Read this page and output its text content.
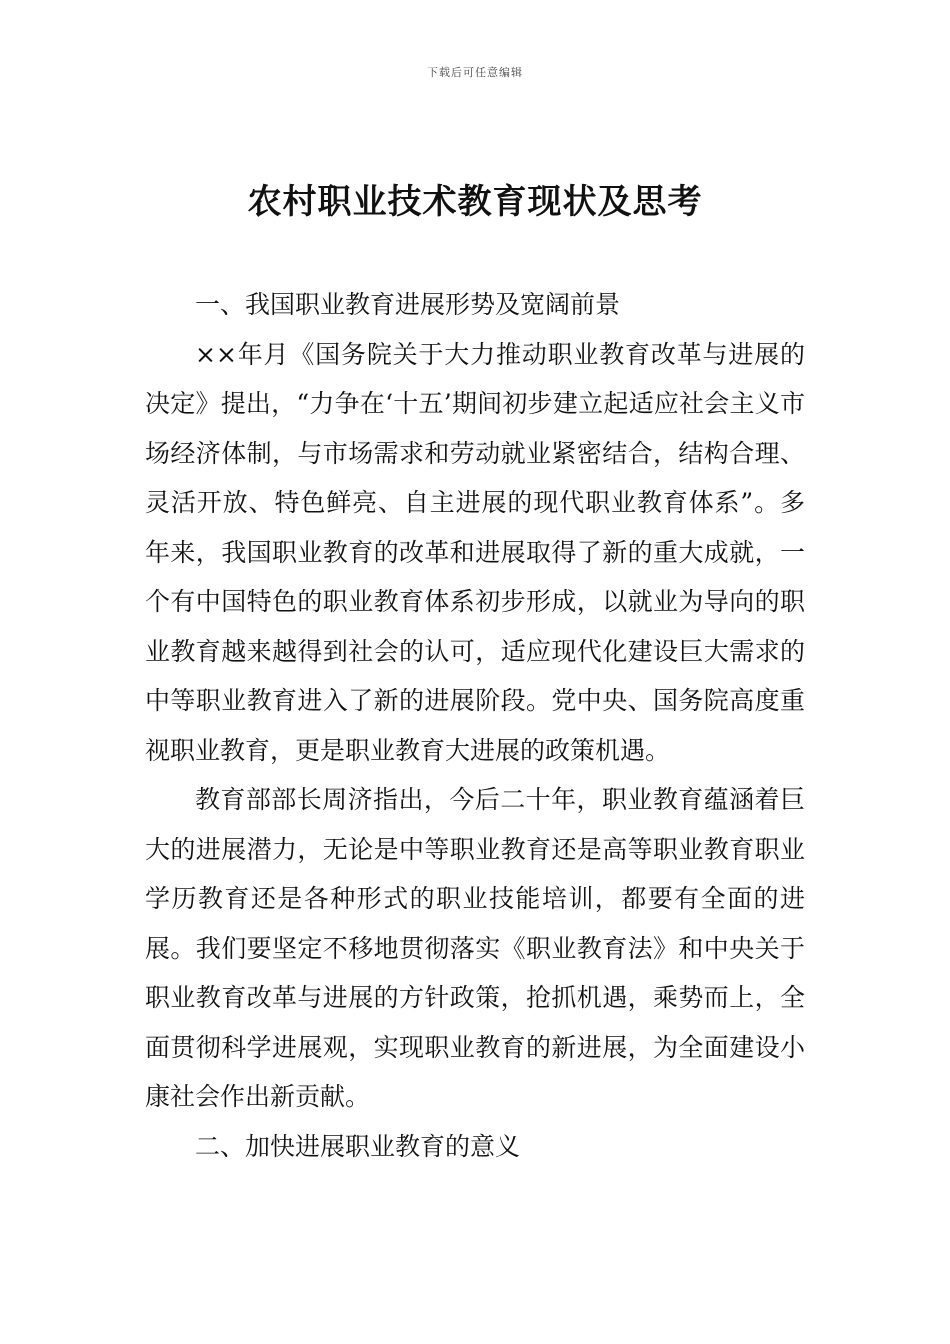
下载后可任意编辑
农村职业技术教育现状及思考

一、我国职业教育进展形势及宽阔前景

××年月《国务院关于大力推动职业教育改革与进展的决定》提出，“力争在‘十五’期间初步建立起适应社会主义市场经济体制，与市场需求和劳动就业紧密结合，结构合理、灵活开放、特色鲜亮、自主进展的现代职业教育体系”。多年来，我国职业教育的改革和进展取得了新的重大成就，一个有中国特色的职业教育体系初步形成，以就业为导向的职业教育越来越得到社会的认可，适应现代化建设巨大需求的中等职业教育进入了新的进展阶段。党中央、国务院高度重视职业教育，更是职业教育大进展的政策机遇。

教育部部长周济指出，今后二十年，职业教育蕴涵着巨大的进展潜力，无论是中等职业教育还是高等职业教育职业学历教育还是各种形式的职业技能培训，都要有全面的进展。我们要坚定不移地贯彻落实《职业教育法》和中央关于职业教育改革与进展的方针政策，抢抓机遇，乘势而上，全面贯彻科学进展观，实现职业教育的新进展，为全面建设小康社会作出新贡献。

二、加快进展职业教育的意义
